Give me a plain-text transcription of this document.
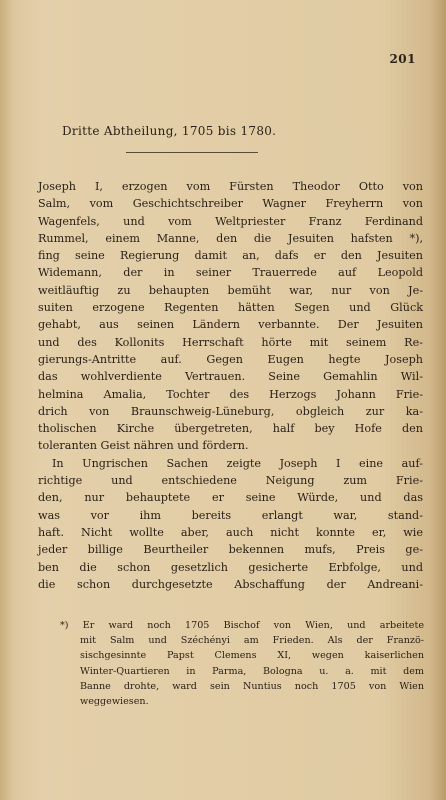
201
Dritte Abtheilung, 1705 bis 1780.
Joseph I, erzogen vom Fürsten Theodor Otto von
Salm, vom Geschichtschreiber Wagner Freyherrn von
Wagenfels, und vom Weltpriester Franz Ferdinand
Rummel, einem Manne, den die Jesuiten hafsten *),
fing seine Regierung damit an, dafs er den Jesuiten
Widemann, der in seiner Trauerrede auf Leopold
weitläuftig zu behaupten bemüht war, nur von Je-
suiten erzogene Regenten hätten Segen und Glück
gehabt, aus seinen Ländern verbannte. Der Jesuiten
und des Kollonits Herrschaft hörte mit seinem Re-
gierungs-Antritte auf. Gegen Eugen hegte Joseph
das wohlverdiente Vertrauen. Seine Gemahlin Wil-
helmina Amalia, Tochter des Herzogs Johann Frie-
drich von Braunschweig-Lüneburg, obgleich zur ka-
tholischen Kirche übergetreten, half bey Hofe den
toleranten Geist nähren und fördern.
In Ungrischen Sachen zeigte Joseph I eine auf-
richtige und entschiedene Neigung zum Frie-
den, nur behauptete er seine Würde, und das
was vor ihm bereits erlangt war, stand-
haft. Nicht wollte aber, auch nicht konnte er, wie
jeder billige Beurtheiler bekennen mufs, Preis ge-
ben die schon gesetzlich gesicherte Erbfolge, und
die schon durchgesetzte Abschaffung der Andreani-
*) Er ward noch 1705 Bischof von Wien, und arbeitete
mit Salm und Széchényi am Frieden. Als der Franzö-
sischgesinnte Papst Clemens XI, wegen kaiserlichen
Winter-Quartieren in Parma, Bologna u. a. mit dem
Banne drohte, ward sein Nuntius noch 1705 von Wien
weggewiesen.
